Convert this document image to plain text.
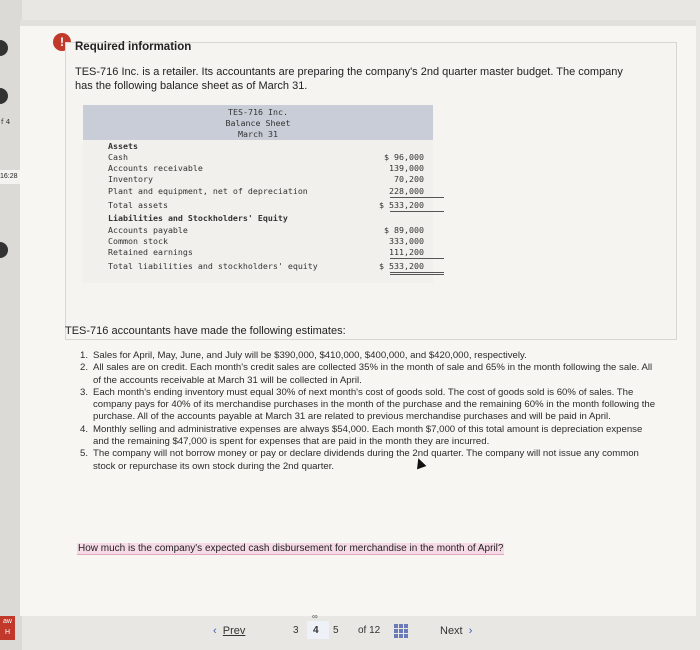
f 4
16:28
aw
H
! Required information
TES-716 Inc. is a retailer. Its accountants are preparing the company's 2nd quarter master budget. The company has the following balance sheet as of March 31.
TES-716 Inc.
Balance Sheet
March 31
Assets
Cash	$ 96,000
Accounts receivable	139,000
Inventory	70,200
Plant and equipment, net of depreciation	228,000
Total assets	$ 533,200
Liabilities and Stockholders' Equity
Accounts payable	$ 89,000
Common stock	333,000
Retained earnings	111,200
Total liabilities and stockholders' equity	$ 533,200
TES-716 accountants have made the following estimates:
1. Sales for April, May, June, and July will be $390,000, $410,000, $400,000, and $420,000, respectively.
2. All sales are on credit. Each month's credit sales are collected 35% in the month of sale and 65% in the month following the sale. All of the accounts receivable at March 31 will be collected in April.
3. Each month's ending inventory must equal 30% of next month's cost of goods sold. The cost of goods sold is 60% of sales. The company pays for 40% of its merchandise purchases in the month of the purchase and the remaining 60% in the month following the purchase. All of the accounts payable at March 31 are related to previous merchandise purchases and will be paid in April.
4. Monthly selling and administrative expenses are always $54,000. Each month $7,000 of this total amount is depreciation expense and the remaining $47,000 is spent for expenses that are paid in the month they are incurred.
5. The company will not borrow money or pay or declare dividends during the 2nd quarter. The company will not issue any common stock or repurchase its own stock during the 2nd quarter.
How much is the company's expected cash disbursement for merchandise in the month of April?
‹ Prev
∞
3 4 5 of 12	Next ›
